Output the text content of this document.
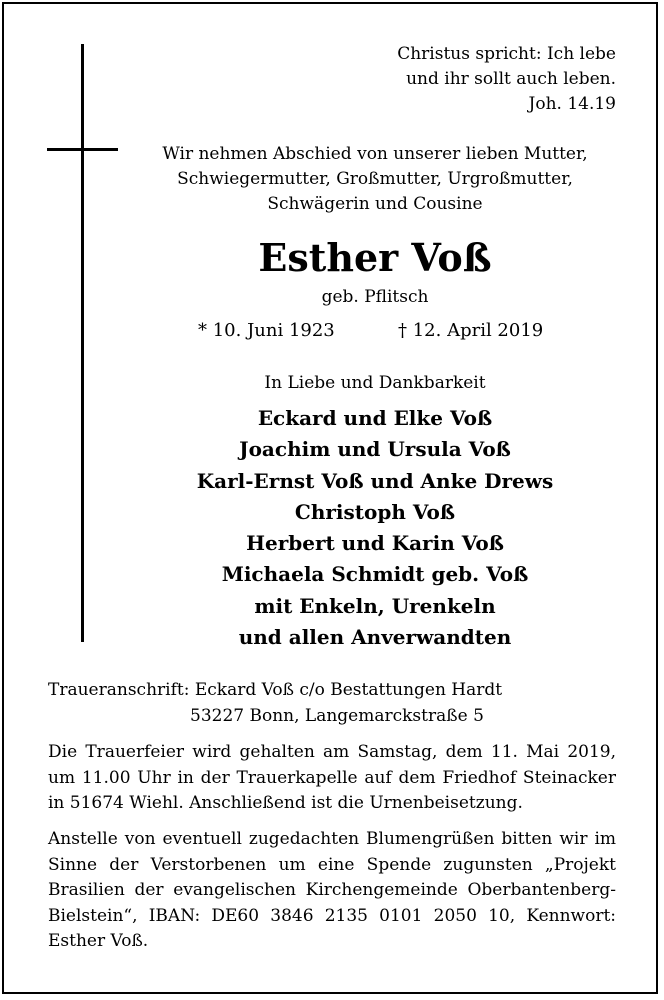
Christus spricht: Ich lebe
und ihr sollt auch leben.
Joh. 14.19
Wir nehmen Abschied von unserer lieben Mutter,
Schwiegermutter, Großmutter, Urgroßmutter,
Schwägerin und Cousine
Esther Voß
geb. Pflitsch
* 10. Juni 1923	† 12. April 2019
In Liebe und Dankbarkeit
Eckard und Elke Voß
Joachim und Ursula Voß
Karl-Ernst Voß und Anke Drews
Christoph Voß
Herbert und Karin Voß
Michaela Schmidt geb. Voß
mit Enkeln, Urenkeln
und allen Anverwandten
Traueranschrift: Eckard Voß c/o Bestattungen Hardt
53227 Bonn, Langemarckstraße 5
Die Trauerfeier wird gehalten am Samstag, dem 11. Mai 2019,
um 11.00 Uhr in der Trauerkapelle auf dem Friedhof Steinacker
in 51674 Wiehl. Anschließend ist die Urnenbeisetzung.
Anstelle von eventuell zugedachten Blumengrüßen bitten wir im
Sinne der Verstorbenen um eine Spende zugunsten „Projekt
Brasilien der evangelischen Kirchengemeinde Oberbantenberg-
Bielstein“, IBAN: DE60 3846 2135 0101 2050 10, Kennwort:
Esther Voß.
